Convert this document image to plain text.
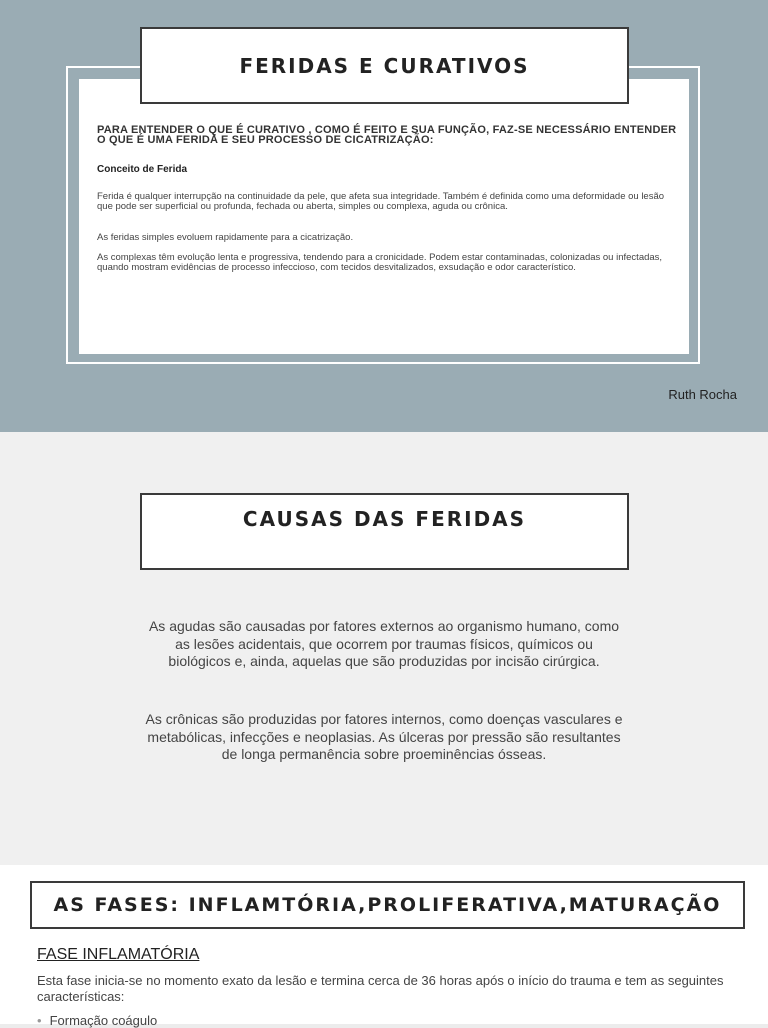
FERIDAS E CURATIVOS
PARA ENTENDER O QUE É CURATIVO , COMO É FEITO E SUA FUNÇÃO, FAZ-SE NECESSÁRIO ENTENDER O QUE É UMA FERIDA E SEU PROCESSO DE CICATRIZAÇÃO:
Conceito de Ferida
Ferida é qualquer interrupção na continuidade da pele, que afeta sua integridade. Também é definida como uma deformidade ou lesão que pode ser superficial ou profunda, fechada ou aberta, simples ou complexa, aguda ou crônica.
As feridas simples evoluem rapidamente para a cicatrização.
As complexas têm evolução lenta e progressiva, tendendo para a cronicidade. Podem estar contaminadas, colonizadas ou infectadas, quando mostram evidências de processo infeccioso, com tecidos desvitalizados, exsudação e odor característico.
Ruth Rocha
CAUSAS DAS FERIDAS
As agudas são causadas por fatores externos ao organismo humano, como as lesões acidentais, que ocorrem por traumas físicos, químicos ou biológicos e, ainda, aquelas que são produzidas por incisão cirúrgica.
As crônicas são produzidas por fatores internos, como doenças vasculares e metabólicas, infecções e neoplasias. As úlceras por pressão são resultantes de longa permanência sobre proeminências ósseas.
AS FASES: INFLAMTÓRIA,PROLIFERATIVA,MATURAÇÃO
FASE INFLAMATÓRIA
Esta fase inicia-se no momento exato da lesão e termina cerca de 36 horas após o início do trauma e tem as seguintes características:
• Formação coágulo
